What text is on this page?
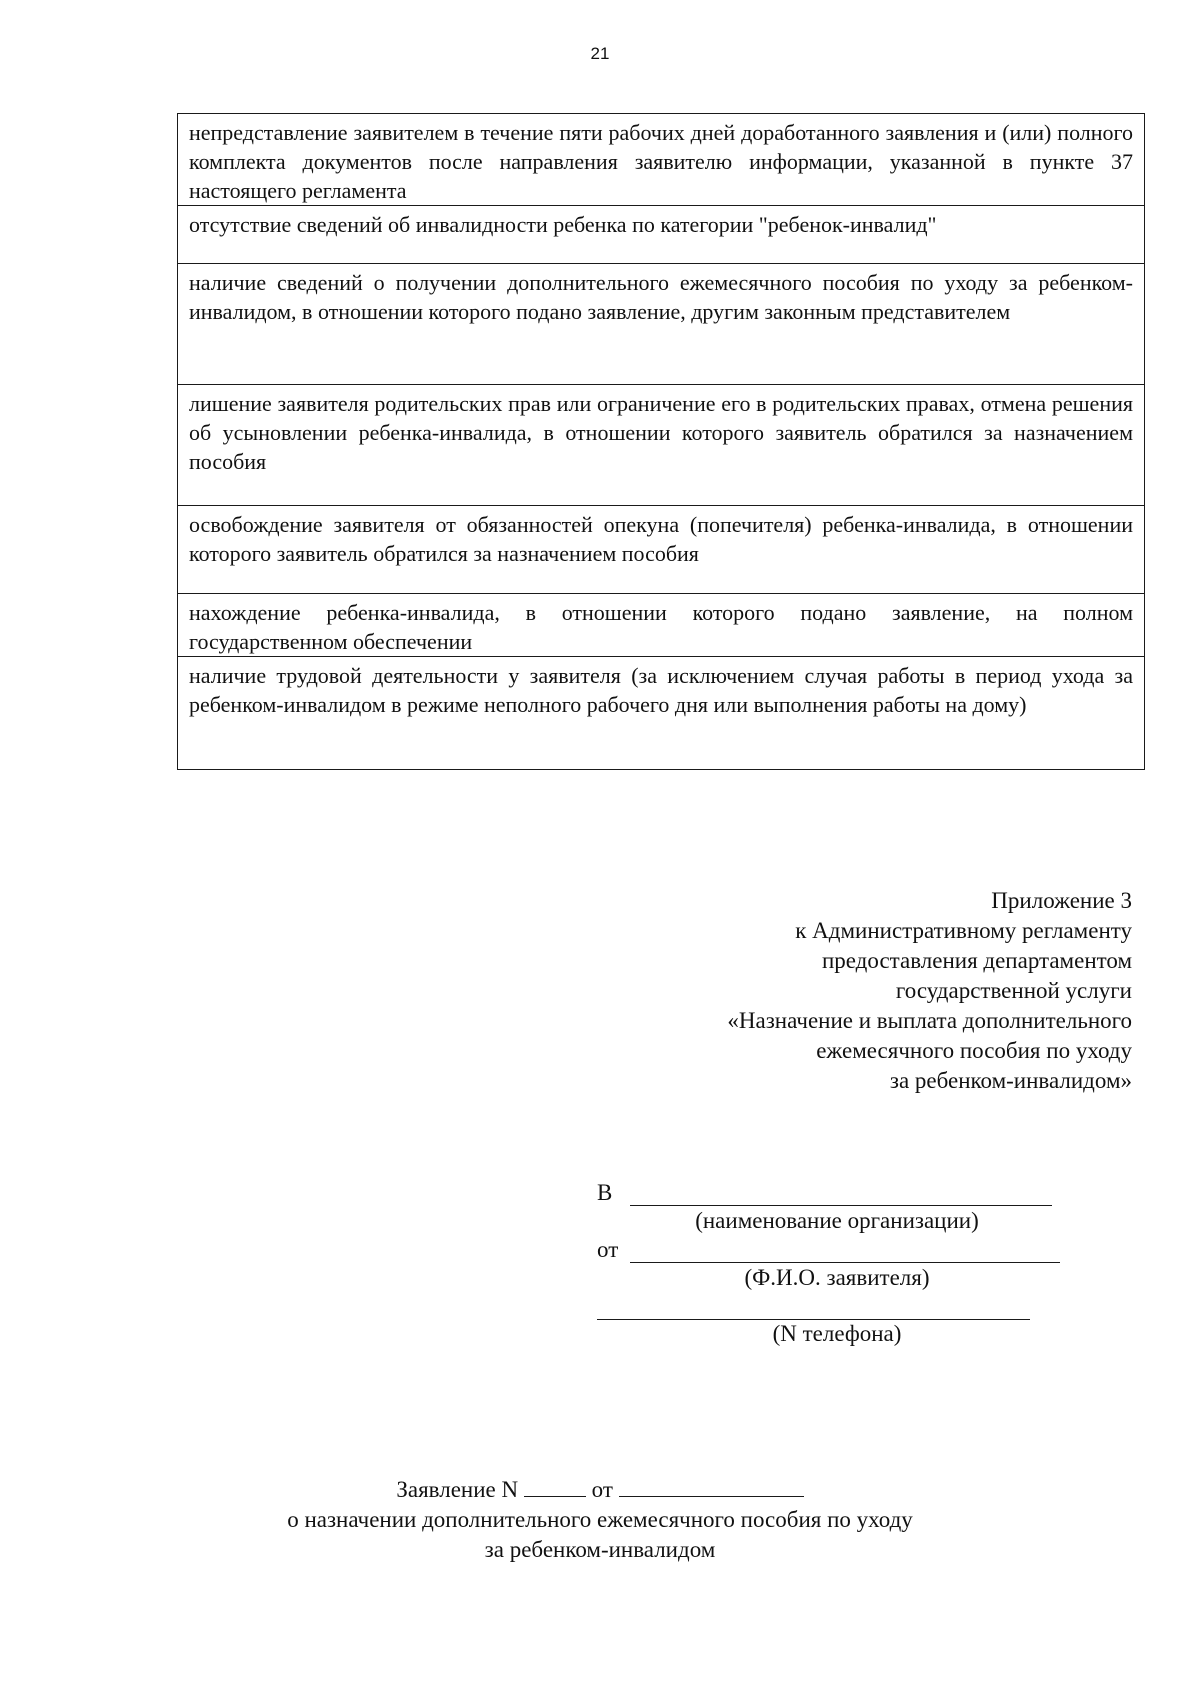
21
непредставление заявителем в течение пяти рабочих дней доработанного заявления и (или) полного комплекта документов после направления заявителю информации, указанной в пункте 37 настоящего регламента
отсутствие сведений об инвалидности ребенка по категории "ребенок-инвалид"
наличие сведений о получении дополнительного ежемесячного пособия по уходу за ребенком-инвалидом, в отношении которого подано заявление, другим законным представителем
лишение заявителя родительских прав или ограничение его в родительских правах, отмена решения об усыновлении ребенка-инвалида, в отношении которого заявитель обратился за назначением пособия
освобождение заявителя от обязанностей опекуна (попечителя) ребенка-инвалида, в отношении которого заявитель обратился за назначением пособия
нахождение ребенка-инвалида, в отношении которого подано заявление, на полном государственном обеспечении
наличие трудовой деятельности у заявителя (за исключением случая работы в период ухода за ребенком-инвалидом в режиме неполного рабочего дня или выполнения работы на дому)
Приложение 3
к Административному регламенту
предоставления департаментом
государственной услуги
«Назначение и выплата дополнительного
ежемесячного пособия по уходу
за ребенком-инвалидом»
В
(наименование организации)
от
(Ф.И.О. заявителя)
(N телефона)
Заявление N	от
о назначении дополнительного ежемесячного пособия по уходу
за ребенком-инвалидом
